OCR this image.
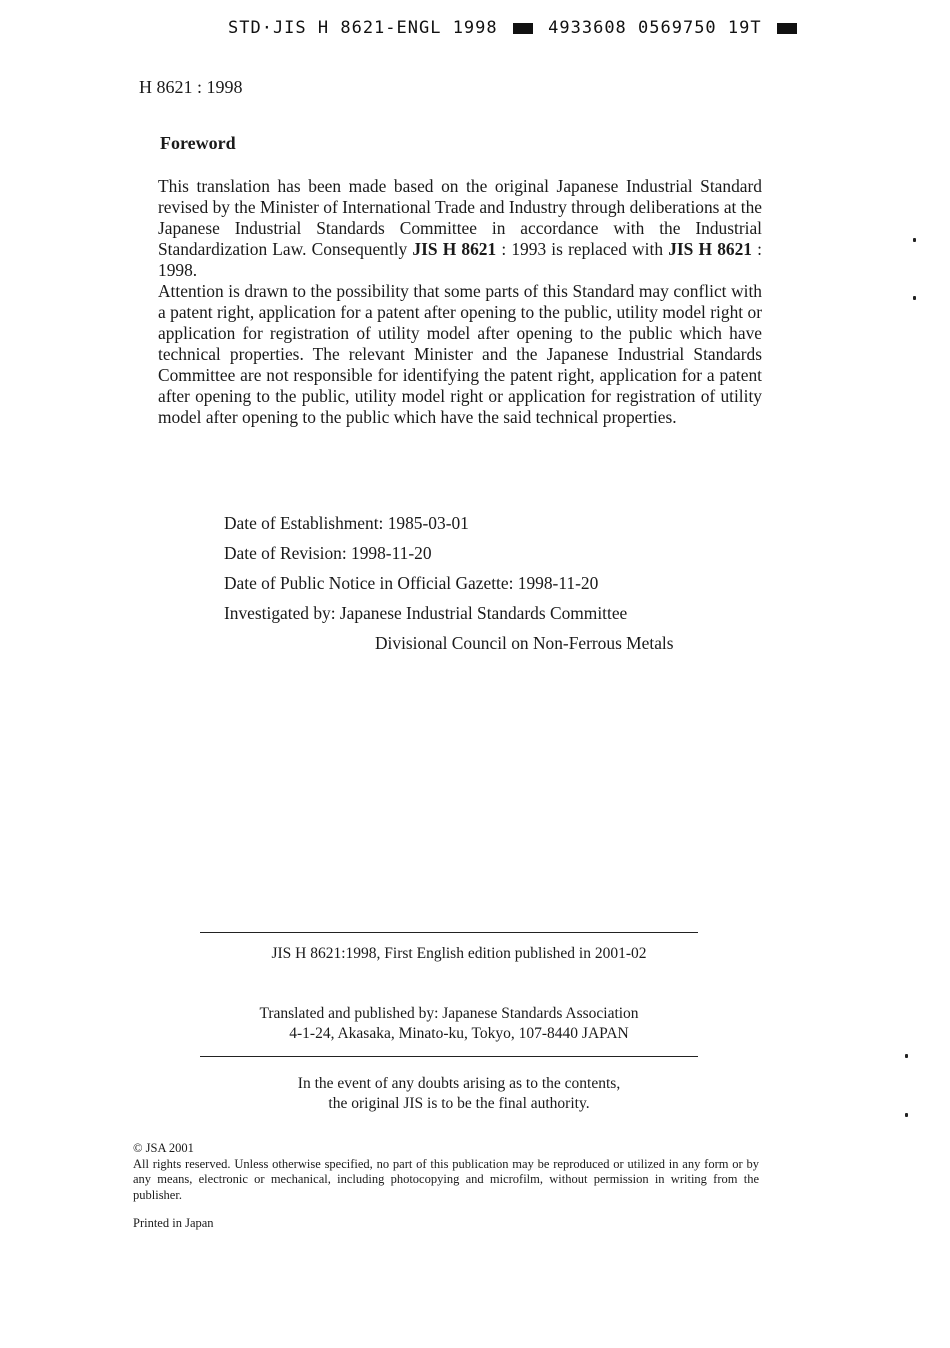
STD·JIS H 8621-ENGL 1998	4933608 0569750 19T
H 8621 : 1998
Foreword
This translation has been made based on the original Japanese Industrial Standard revised by the Minister of International Trade and Industry through deliberations at the Japanese Industrial Standards Committee in accordance with the Industrial Standardization Law. Consequently JIS H 8621 : 1993 is replaced with JIS H 8621 : 1998.
Attention is drawn to the possibility that some parts of this Standard may conflict with a patent right, application for a patent after opening to the public, utility model right or application for registration of utility model after opening to the public which have technical properties. The relevant Minister and the Japanese Industrial Standards Committee are not responsible for identifying the patent right, application for a patent after opening to the public, utility model right or application for registration of utility model after opening to the public which have the said technical properties.
Date of Establishment: 1985-03-01
Date of Revision: 1998-11-20
Date of Public Notice in Official Gazette: 1998-11-20
Investigated by: Japanese Industrial Standards Committee
Divisional Council on Non-Ferrous Metals
JIS H 8621:1998, First English edition published in 2001-02
Translated and published by: Japanese Standards Association
4-1-24, Akasaka, Minato-ku, Tokyo, 107-8440 JAPAN
In the event of any doubts arising as to the contents,
the original JIS is to be the final authority.
© JSA 2001
All rights reserved. Unless otherwise specified, no part of this publication may be reproduced or utilized in any form or by any means, electronic or mechanical, including photocopying and microfilm, without permission in writing from the publisher.
Printed in Japan
